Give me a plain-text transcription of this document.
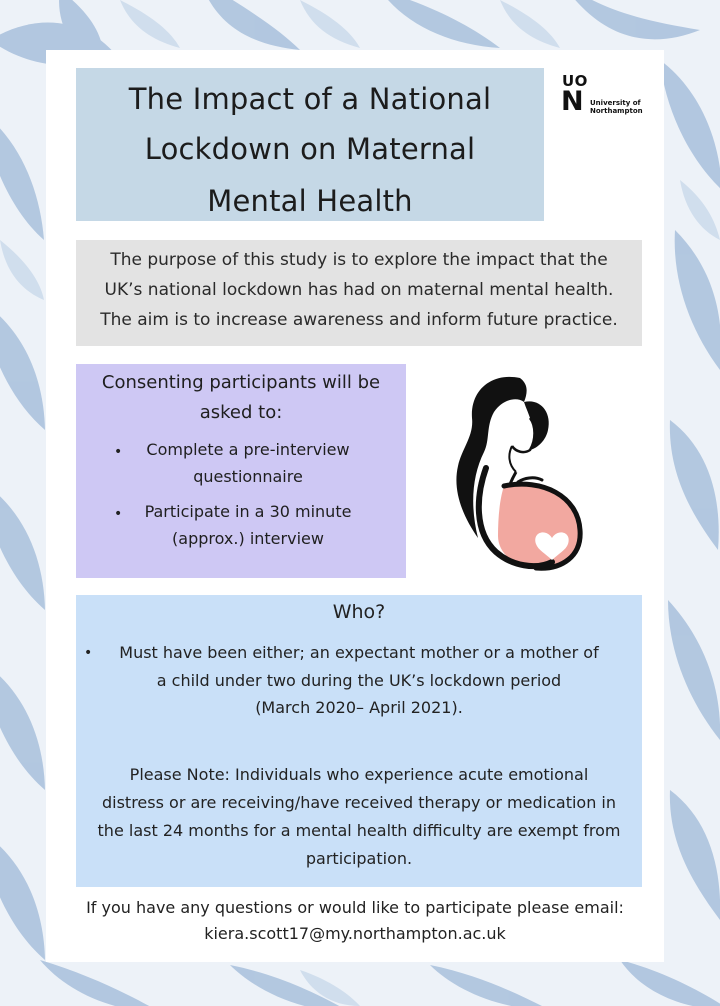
The Impact of a National
Lockdown on Maternal
Mental Health
UO
N University of
Northampton
The purpose of this study is to explore the impact that the
UK’s national lockdown has had on maternal mental health.
The aim is to increase awareness and inform future practice.
Consenting participants will be
asked to:
•	Complete a pre-interview
questionnaire
•	Participate in a 30 minute
(approx.) interview
Who?
•	Must have been either; an expectant mother or a mother of
a child under two during the UK’s lockdown period
(March 2020– April 2021).
Please Note: Individuals who experience acute emotional
distress or are receiving/have received therapy or medication in
the last 24 months for a mental health difficulty are exempt from
participation.
If you have any questions or would like to participate please email:
kiera.scott17@my.northampton.ac.uk
